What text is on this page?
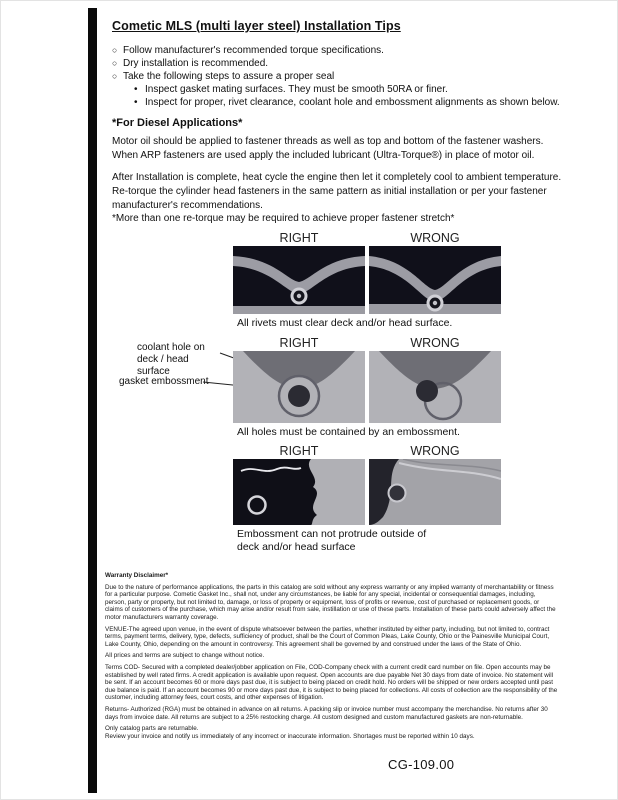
Cometic MLS (multi layer steel) Installation Tips
○ Follow manufacturer's recommended torque specifications.
○ Dry installation is recommended.
○ Take the following steps to assure a proper seal
• Inspect gasket mating surfaces. They must be smooth 50RA or finer.
• Inspect for proper, rivet clearance, coolant hole and embossment alignments as shown below.
*For Diesel Applications*

Motor oil should be applied to fastener threads as well as top and bottom of the fastener washers. When ARP fasteners are used apply the included lubricant (Ultra-Torque®) in place of motor oil.

After Installation is complete, heat cycle the engine then let it completely cool to ambient temperature. Re-torque the cylinder head fasteners in the same pattern as initial installation or per your fastener manufacturer's recommendations.

*More than one re-torque may be required to achieve proper fastener stretch*

coolant hole on deck / head surface
gasket embossment
RIGHT	WRONG
All rivets must clear deck and/or head surface.
RIGHT	WRONG
All holes must be contained by an embossment.
RIGHT	WRONG
Embossment can not protrude outside of deck and/or head surface
Warranty Disclaimer*

Due to the nature of performance applications, the parts in this catalog are sold without any express warranty or any implied warranty of merchantability or fitness for a particular purpose. Cometic Gasket Inc., shall not, under any circumstances, be liable for any special, incidental or consequential damages, including, person, party or property, but not limited to, damage, or loss of property or equipment, loss of profits or revenue, cost of purchased or replacement goods, or claims of customers of the purchase, which may arise and/or result from sale, instillation or use of these parts. Installation of these parts could adversely affect the motor manufacturers warranty coverage.

VENUE-The agreed upon venue, in the event of dispute whatsoever between the parties, whether instituted by either party, including, but not limited to, contract terms, payment terms, delivery, type, defects, sufficiency of product, shall be the Court of Common Pleas, Lake County, Ohio or the Painesville Municipal Court, Lake County, Ohio, depending on the amount in controversy. This agreement shall be governed by and construed under the laws of the State of Ohio.

All prices and terms are subject to change without notice.

Terms COD- Secured with a completed dealer/jobber application on File, COD-Company check with a current credit card number on file. Open accounts may be established by well rated firms. A credit application is available upon request. Open accounts are due payable Net 30 days from date of invoice. No statement will be sent. If an account becomes 60 or more days past due, it is subject to being placed on credit hold. No orders will be shipped or new orders accepted until past due balance is paid. If an account becomes 90 or more days past due, it is subject to being placed for collections. All costs of collection are the responsibility of the customer, including attorney fees, court costs, and other expenses of litigation.

Returns- Authorized (RGA) must be obtained in advance on all returns. A packing slip or invoice number must accompany the merchandise. No returns after 30 days from invoice date. All returns are subject to a 25% restocking charge. All custom designed and custom manufactured gaskets are non-returnable.

Only catalog parts are returnable.

Review your invoice and notify us immediately of any incorrect or inaccurate information. Shortages must be reported within 10 days.

CG-109.00
